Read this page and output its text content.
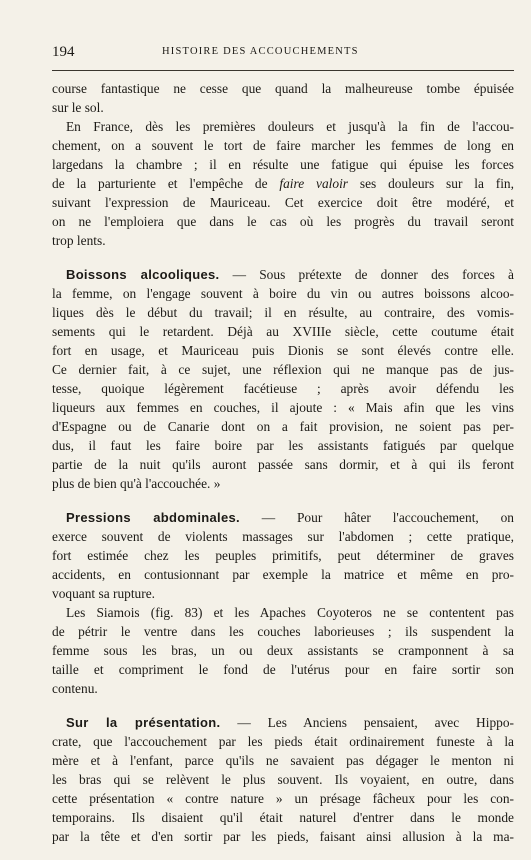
194	HISTOIRE DES ACCOUCHEMENTS
course fantastique ne cesse que quand la malheureuse tombe épuisée
sur le sol.
En France, dès les premières douleurs et jusqu'à la fin de l'accou-
chement, on a souvent le tort de faire marcher les femmes de long en
largedans la chambre ; il en résulte une fatigue qui épuise les forces
de la parturiente et l'empêche de faire valoir ses douleurs sur la fin,
suivant l'expression de Mauriceau. Cet exercice doit être modéré, et
on ne l'emploiera que dans le cas où les progrès du travail seront
trop lents.
Boissons alcooliques. — Sous prétexte de donner des forces à
la femme, on l'engage souvent à boire du vin ou autres boissons alcoo-
liques dès le début du travail; il en résulte, au contraire, des vomis-
sements qui le retardent. Déjà au XVIIIe siècle, cette coutume était
fort en usage, et Mauriceau puis Dionis se sont élevés contre elle.
Ce dernier fait, à ce sujet, une réflexion qui ne manque pas de jus-
tesse, quoique légèrement facétieuse ; après avoir défendu les
liqueurs aux femmes en couches, il ajoute : « Mais afin que les vins
d'Espagne ou de Canarie dont on a fait provision, ne soient pas per-
dus, il faut les faire boire par les assistants fatigués par quelque
partie de la nuit qu'ils auront passée sans dormir, et à qui ils feront
plus de bien qu'à l'accouchée. »
Pressions abdominales. — Pour hâter l'accouchement, on
exerce souvent de violents massages sur l'abdomen ; cette pratique,
fort estimée chez les peuples primitifs, peut déterminer de graves
accidents, en contusionnant par exemple la matrice et même en pro-
voquant sa rupture.
Les Siamois (fig. 83) et les Apaches Coyoteros ne se contentent pas
de pétrir le ventre dans les couches laborieuses ; ils suspendent la
femme sous les bras, un ou deux assistants se cramponnent à sa
taille et compriment le fond de l'utérus pour en faire sortir son
contenu.
Sur la présentation. — Les Anciens pensaient, avec Hippo-
crate, que l'accouchement par les pieds était ordinairement funeste à la
mère et à l'enfant, parce qu'ils ne savaient pas dégager le menton ni
les bras qui se relèvent le plus souvent. Ils voyaient, en outre, dans
cette présentation « contre nature » un présage fâcheux pour les con-
temporains. Ils disaient qu'il était naturel d'entrer dans le monde
par la tête et d'en sortir par les pieds, faisant ainsi allusion à la ma-
